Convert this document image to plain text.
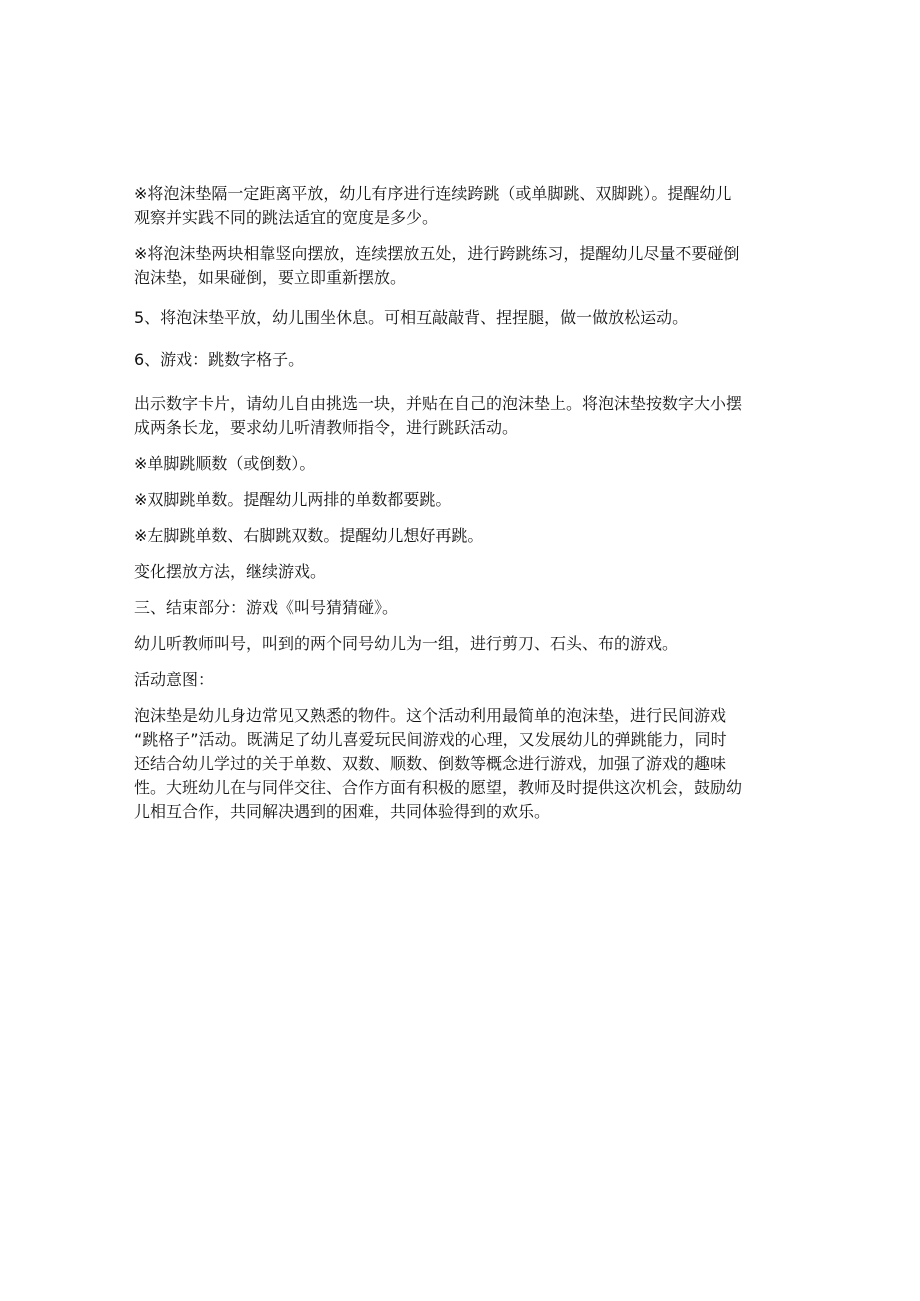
※将泡沫垫隔一定距离平放，幼儿有序进行连续跨跳（或单脚跳、双脚跳）。提醒幼儿
观察并实践不同的跳法适宜的宽度是多少。

※将泡沫垫两块相靠竖向摆放，连续摆放五处，进行跨跳练习，提醒幼儿尽量不要碰倒
泡沫垫，如果碰倒，要立即重新摆放。

5、将泡沫垫平放，幼儿围坐休息。可相互敲敲背、捏捏腿，做一做放松运动。

6、游戏：跳数字格子。

出示数字卡片，请幼儿自由挑选一块，并贴在自己的泡沫垫上。将泡沫垫按数字大小摆
成两条长龙，要求幼儿听清教师指令，进行跳跃活动。

※单脚跳顺数（或倒数）。

※双脚跳单数。提醒幼儿两排的单数都要跳。

※左脚跳单数、右脚跳双数。提醒幼儿想好再跳。

变化摆放方法，继续游戏。

三、结束部分：游戏《叫号猜猜碰》。

幼儿听教师叫号，叫到的两个同号幼儿为一组，进行剪刀、石头、布的游戏。

活动意图：

泡沫垫是幼儿身边常见又熟悉的物件。这个活动利用最简单的泡沫垫，进行民间游戏
“跳格子”活动。既满足了幼儿喜爱玩民间游戏的心理，又发展幼儿的弹跳能力，同时
还结合幼儿学过的关于单数、双数、顺数、倒数等概念进行游戏，加强了游戏的趣味
性。大班幼儿在与同伴交往、合作方面有积极的愿望，教师及时提供这次机会，鼓励幼
儿相互合作，共同解决遇到的困难，共同体验得到的欢乐。
